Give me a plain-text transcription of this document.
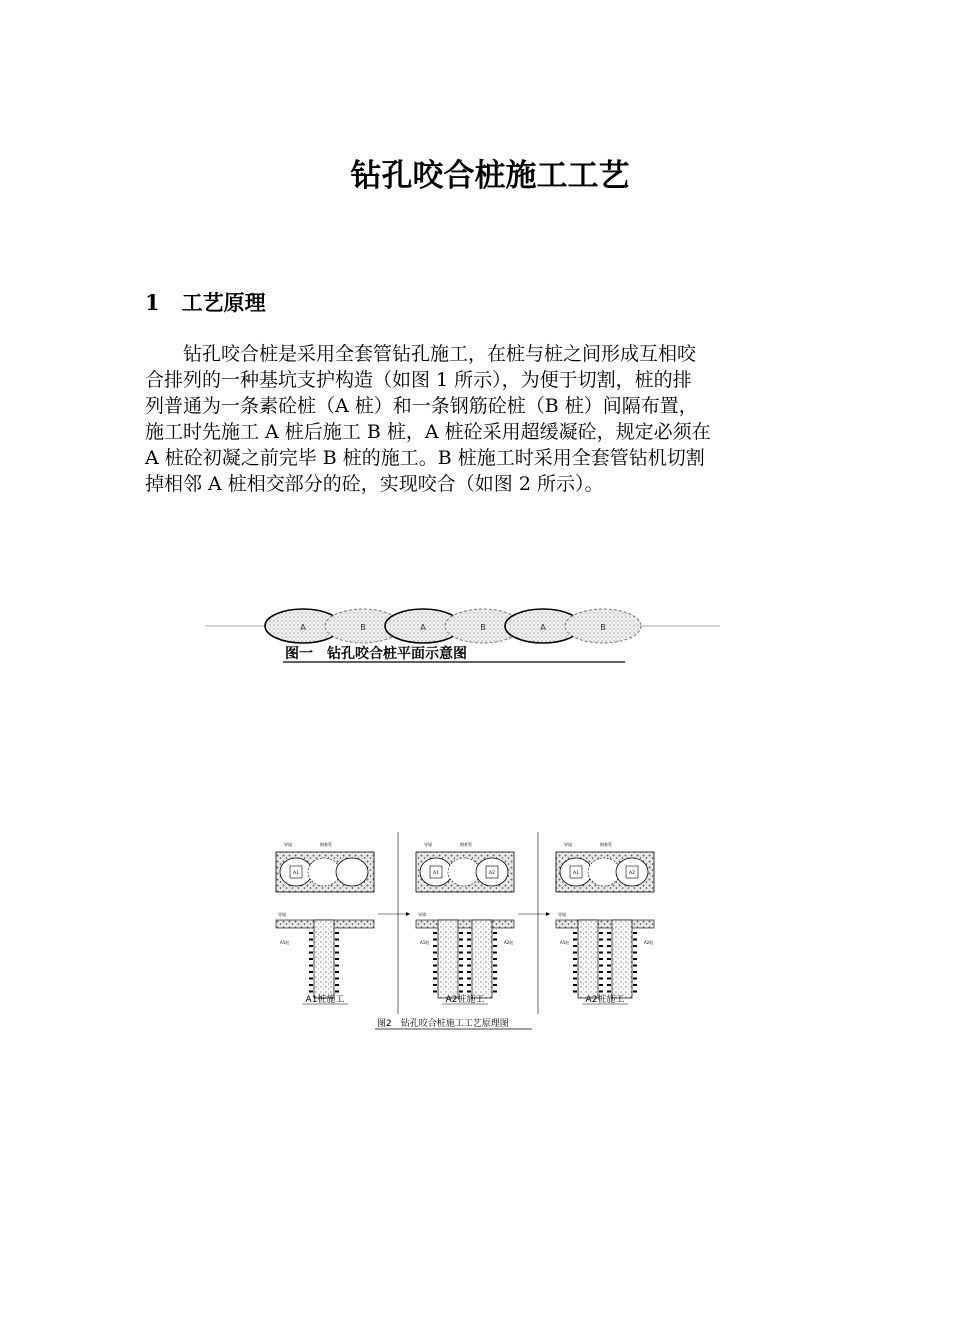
钻孔咬合桩施工工艺
1 工艺原理
　　钻孔咬合桩是采用全套管钻孔施工，在桩与桩之间形成互相咬
合排列的一种基坑支护构造（如图 1 所示），为便于切割，桩的排
列普通为一条素砼桩（A 桩）和一条钢筋砼桩（B 桩）间隔布置，
施工时先施工 A 桩后施工 B 桩，A 桩砼采用超缓凝砼，规定必须在
A 桩砼初凝之前完毕 B 桩的施工。B 桩施工时采用全套管钻机切割
掉相邻 A 桩相交部分的砼，实现咬合（如图 2 所示）。
A	B	A	B	A	B
图一　钻孔咬合桩平面示意图
A1
导墙	钢套管
A1桩
导墙
A1桩施工
A1	A2
导墙	钢套管
A1桩	A2桩
导墙
A2桩施工
A1	A2
导墙	钢套管
A1桩	A2桩
导墙
A2桩施工
图2　钻孔咬合桩施工工艺原理图
